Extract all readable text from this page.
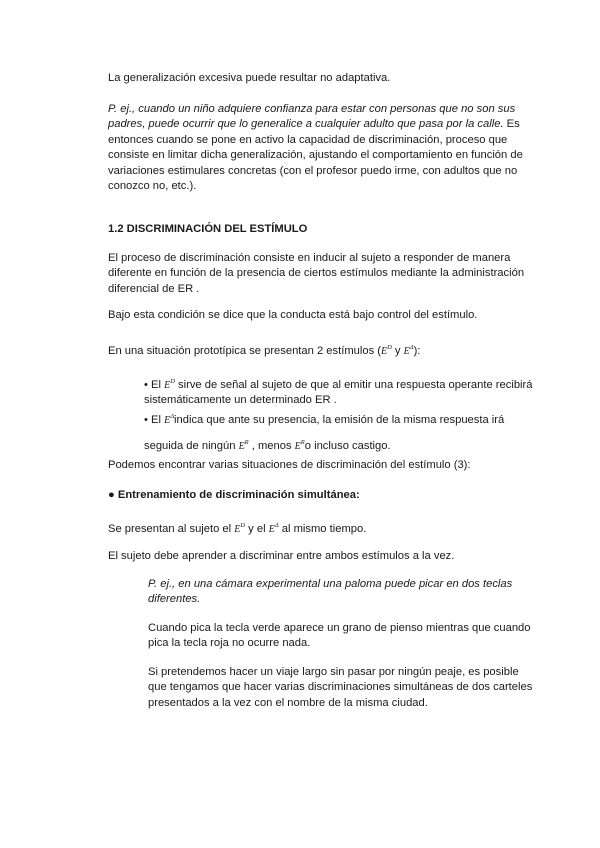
La generalización excesiva puede resultar no adaptativa.
P. ej., cuando un niño adquiere confianza para estar con personas que no son sus padres, puede ocurrir que lo generalice a cualquier adulto que pasa por la calle. Es entonces cuando se pone en activo la capacidad de discriminación, proceso que consiste en limitar dicha generalización, ajustando el comportamiento en función de variaciones estimulares concretas (con el profesor puedo irme, con adultos que no conozco no, etc.).
1.2 DISCRIMINACIÓN DEL ESTÍMULO
El proceso de discriminación consiste en inducir al sujeto a responder de manera diferente en función de la presencia de ciertos estímulos mediante la administración diferencial de ER .
Bajo esta condición se dice que la conducta está bajo control del estímulo.
En una situación prototípica se presentan 2 estímulos ($E^D$ y $E^\Delta$):
• El $E^D$ sirve de señal al sujeto de que al emitir una respuesta operante recibirá sistemáticamente un determinado ER .
• El $E^\Delta indica$ que ante su presencia, la emisión de la misma respuesta irá seguida de ningún $E^R$ , menos $E^Ro$ incluso castigo.
Podemos encontrar varias situaciones de discriminación del estímulo (3):
● Entrenamiento de discriminación simultánea:
Se presentan al sujeto el $E^D$ y el $E^\Delta$ al mismo tiempo.
El sujeto debe aprender a discriminar entre ambos estímulos a la vez.
P. ej., en una cámara experimental una paloma puede picar en dos teclas diferentes.
Cuando pica la tecla verde aparece un grano de pienso mientras que cuando pica la tecla roja no ocurre nada.
Si pretendemos hacer un viaje largo sin pasar por ningún peaje, es posible que tengamos que hacer varias discriminaciones simultáneas de dos carteles presentados a la vez con el nombre de la misma ciudad.
